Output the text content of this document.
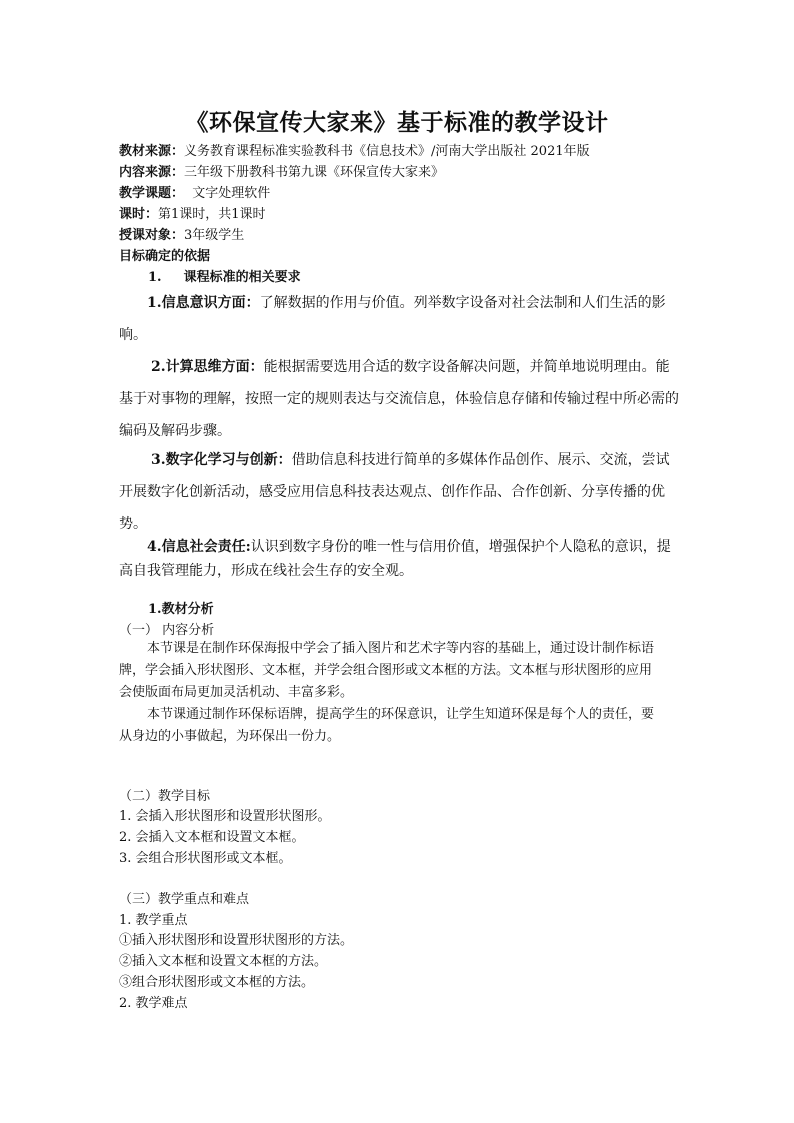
《环保宣传大家来》基于标准的教学设计
教材来源：义务教育课程标准实验教科书《信息技术》/河南大学出版社 2021年版
内容来源：三年级下册教科书第九课《环保宣传大家来》
教学课题：  文字处理软件
课时：第1课时，共1课时
授课对象：3年级学生
目标确定的依据
1. 课程标准的相关要求
1.信息意识方面：了解数据的作用与价值。列举数字设备对社会法制和人们生活的影响。
2.计算思维方面：能根据需要选用合适的数字设备解决问题，并简单地说明理由。能基于对事物的理解，按照一定的规则表达与交流信息，体验信息存储和传输过程中所必需的编码及解码步骤。
3.数字化学习与创新：借助信息科技进行简单的多媒体作品创作、展示、交流，尝试开展数字化创新活动，感受应用信息科技表达观点、创作作品、合作创新、分享传播的优势。
4.信息社会责任:认识到数字身份的唯一性与信用价值，增强保护个人隐私的意识，提高自我管理能力，形成在线社会生存的安全观。
1.教材分析
（一） 内容分析
本节课是在制作环保海报中学会了插入图片和艺术字等内容的基础上，通过设计制作标语牌，学会插入形状图形、文本框，并学会组合图形或文本框的方法。文本框与形状图形的应用会使版面布局更加灵活机动、丰富多彩。
本节课通过制作环保标语牌，提高学生的环保意识，让学生知道环保是每个人的责任，要从身边的小事做起，为环保出一份力。
（二）教学目标
1. 会插入形状图形和设置形状图形。
2. 会插入文本框和设置文本框。
3. 会组合形状图形或文本框。
（三）教学重点和难点
1. 教学重点
①插入形状图形和设置形状图形的方法。
②插入文本框和设置文本框的方法。
③组合形状图形或文本框的方法。
2. 教学难点
